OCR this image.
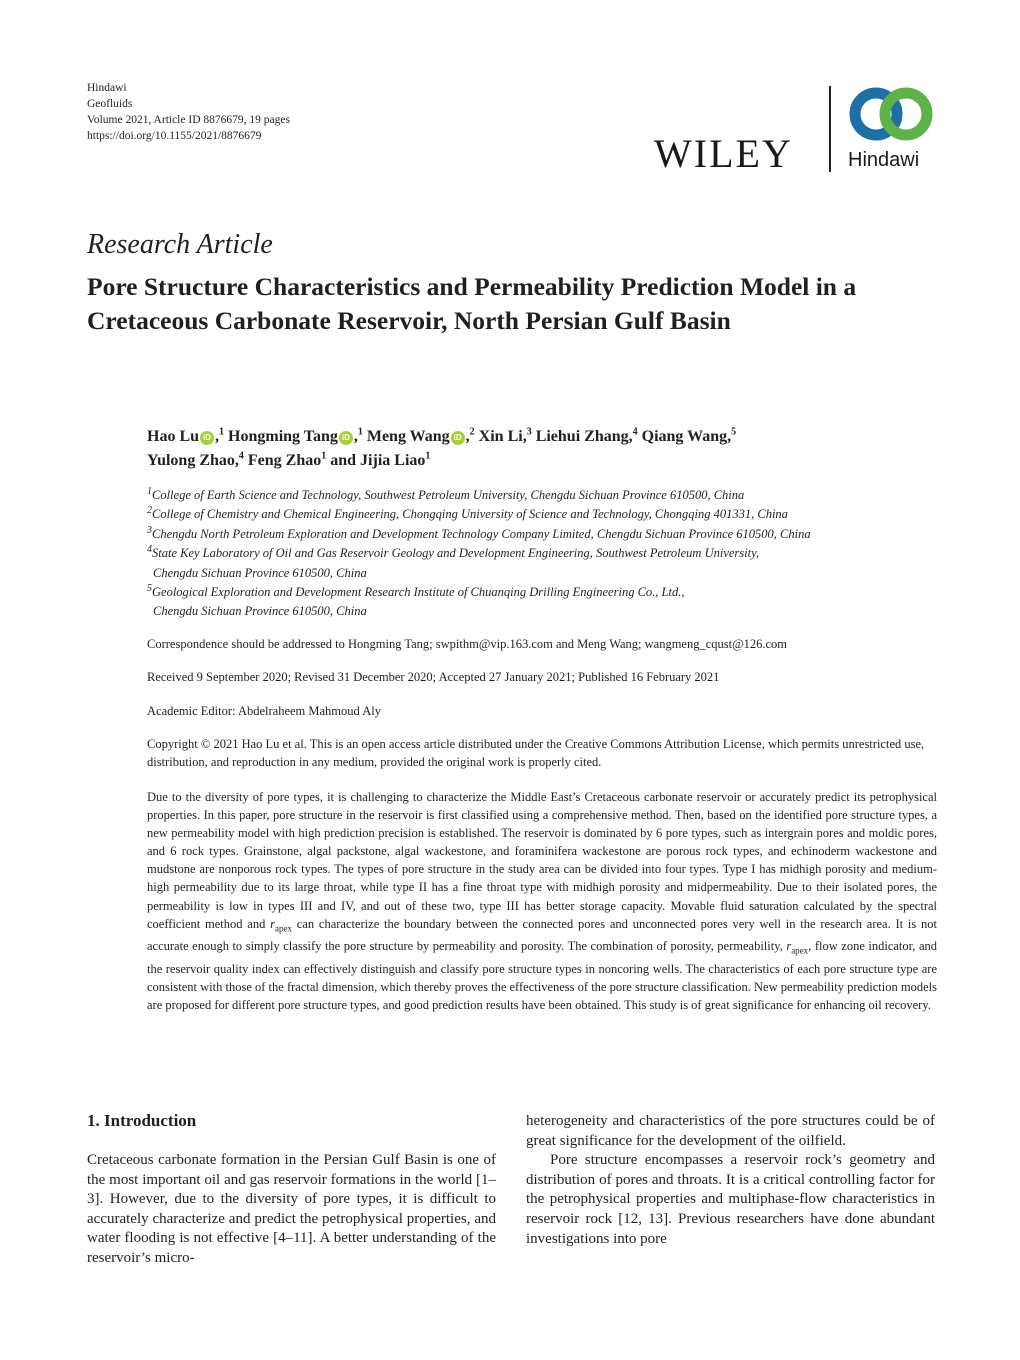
Hindawi
Geofluids
Volume 2021, Article ID 8876679, 19 pages
https://doi.org/10.1155/2021/8876679	WILEY	Hindawi
Research Article
Pore Structure Characteristics and Permeability Prediction Model in a Cretaceous Carbonate Reservoir, North Persian Gulf Basin
Hao Lu iD ,$^1$ Hongming Tang iD ,$^1$ Meng Wang iD ,$^2$ Xin Li,$^3$ Liehui Zhang,$^4$ Qiang Wang,$^5$
Yulong Zhao,$^4$ Feng Zhao$^1$ and Jijia Liao$^1$
$^1$College of Earth Science and Technology, Southwest Petroleum University, Chengdu Sichuan Province 610500, China
$^2$College of Chemistry and Chemical Engineering, Chongqing University of Science and Technology, Chongqing 401331, China
$^3$Chengdu North Petroleum Exploration and Development Technology Company Limited, Chengdu Sichuan Province 610500, China
$^4$State Key Laboratory of Oil and Gas Reservoir Geology and Development Engineering, Southwest Petroleum University,
Chengdu Sichuan Province 610500, China
$^5$Geological Exploration and Development Research Institute of Chuanqing Drilling Engineering Co., Ltd.,
Chengdu Sichuan Province 610500, China
Correspondence should be addressed to Hongming Tang; swpithm@vip.163.com and Meng Wang; wangmeng_cqust@126.com
Received 9 September 2020; Revised 31 December 2020; Accepted 27 January 2021; Published 16 February 2021
Academic Editor: Abdelraheem Mahmoud Aly
Copyright © 2021 Hao Lu et al. This is an open access article distributed under the Creative Commons Attribution License, which permits unrestricted use, distribution, and reproduction in any medium, provided the original work is properly cited.
Due to the diversity of pore types, it is challenging to characterize the Middle East’s Cretaceous carbonate reservoir or accurately predict its petrophysical properties. In this paper, pore structure in the reservoir is first classified using a comprehensive method. Then, based on the identified pore structure types, a new permeability model with high prediction precision is established. The reservoir is dominated by 6 pore types, such as intergrain pores and moldic pores, and 6 rock types. Grainstone, algal packstone, algal wackestone, and foraminifera wackestone are porous rock types, and echinoderm wackestone and mudstone are nonporous rock types. The types of pore structure in the study area can be divided into four types. Type I has midhigh porosity and medium-high permeability due to its large throat, while type II has a fine throat type with midhigh porosity and midpermeability. Due to their isolated pores, the permeability is low in types III and IV, and out of these two, type III has better storage capacity. Movable fluid saturation calculated by the spectral coefficient method and $r_{apex}$ can characterize the boundary between the connected pores and unconnected pores very well in the research area. It is not accurate enough to simply classify the pore structure by permeability and porosity. The combination of porosity, permeability, $r_{apex}$, flow zone indicator, and the reservoir quality index can effectively distinguish and classify pore structure types in noncoring wells. The characteristics of each pore structure type are consistent with those of the fractal dimension, which thereby proves the effectiveness of the pore structure classification. New permeability prediction models are proposed for different pore structure types, and good prediction results have been obtained. This study is of great significance for enhancing oil recovery.
1. Introduction

Cretaceous carbonate formation in the Persian Gulf Basin is one of the most important oil and gas reservoir formations in the world [1–3]. However, due to the diversity of pore types, it is difficult to accurately characterize and predict the petrophysical properties, and water flooding is not effective [4–11]. A better understanding of the reservoir’s micro-

heterogeneity and characteristics of the pore structures could be of great significance for the development of the oilfield.

Pore structure encompasses a reservoir rock’s geometry and distribution of pores and throats. It is a critical controlling factor for the petrophysical properties and multiphase-flow characteristics in reservoir rock [12, 13]. Previous researchers have done abundant investigations into pore
